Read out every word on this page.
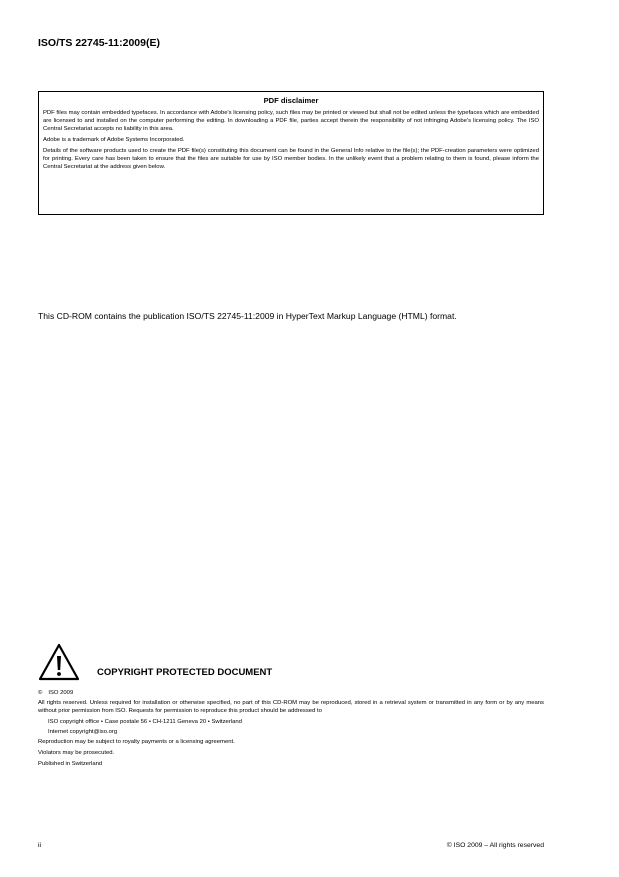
ISO/TS 22745-11:2009(E)
PDF disclaimer

PDF files may contain embedded typefaces. In accordance with Adobe's licensing policy, such files may be printed or viewed but shall not be edited unless the typefaces which are embedded are licensed to and installed on the computer performing the editing. In downloading a PDF file, parties accept therein the responsibility of not infringing Adobe's licensing policy. The ISO Central Secretariat accepts no liability in this area.

Adobe is a trademark of Adobe Systems Incorporated.

Details of the software products used to create the PDF file(s) constituting this document can be found in the General Info relative to the file(s); the PDF-creation parameters were optimized for printing. Every care has been taken to ensure that the files are suitable for use by ISO member bodies. In the unlikely event that a problem relating to them is found, please inform the Central Secretariat at the address given below.

This CD-ROM contains the publication ISO/TS 22745-11:2009 in HyperText Markup Language (HTML) format.

COPYRIGHT PROTECTED DOCUMENT

© ISO 2009

All rights reserved. Unless required for installation or otherwise specified, no part of this CD-ROM may be reproduced, stored in a retrieval system or transmitted in any form or by any means without prior permission from ISO. Requests for permission to reproduce this product should be addressed to

ISO copyright office • Case postale 56 • CH-1211 Geneva 20 • Switzerland

Internet copyright@iso.org

Reproduction may be subject to royalty payments or a licensing agreement.

Violators may be prosecuted.

Published in Switzerland

ii	© ISO 2009 – All rights reserved
